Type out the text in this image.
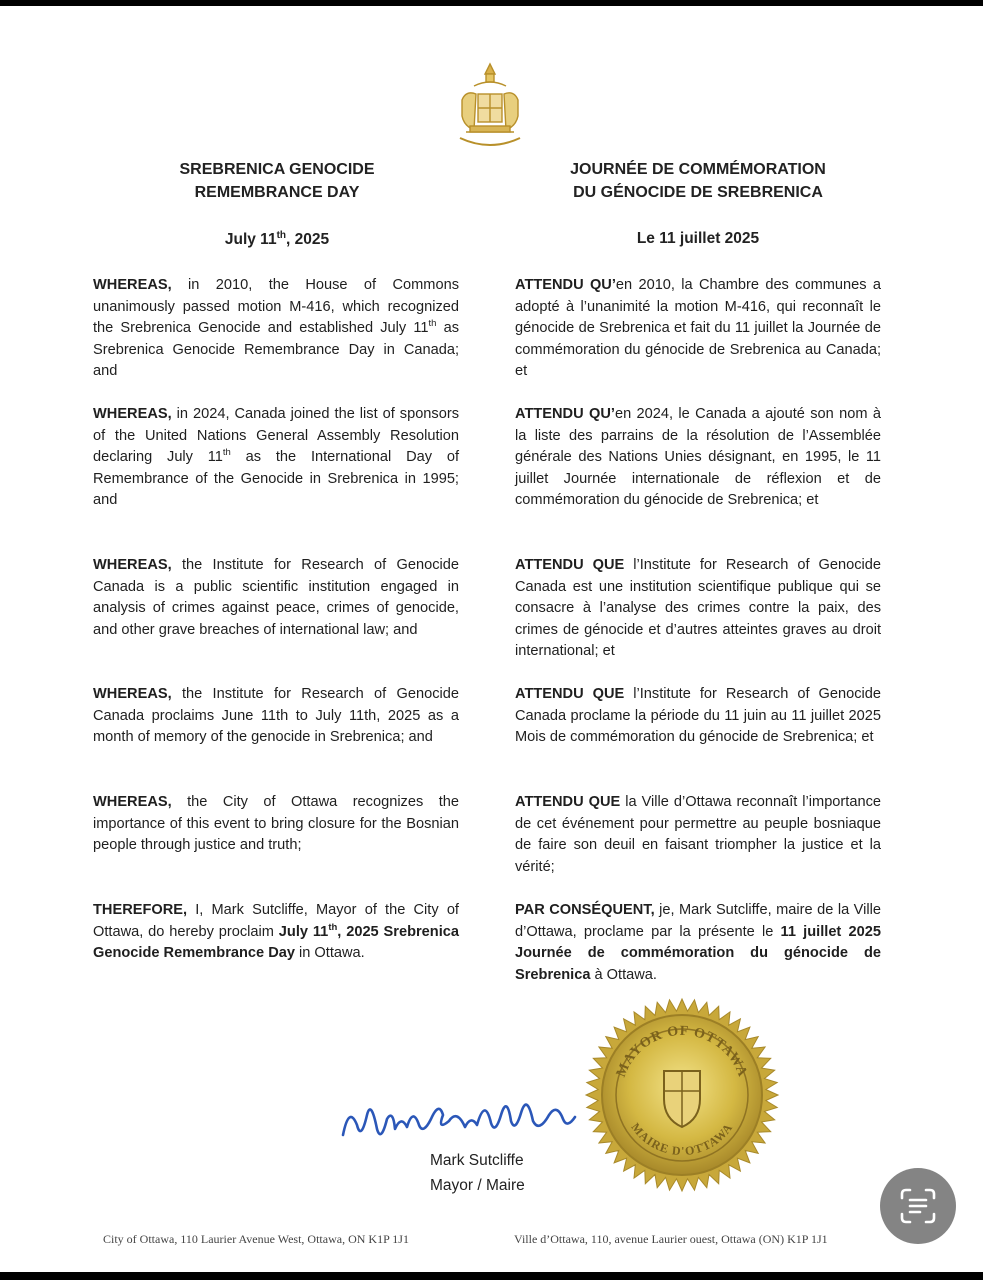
SREBRENICA GENOCIDE

REMEMBRANCE DAY

July 11th, 2025

JOURNÉE DE COMMÉMORATION

DU GÉNOCIDE DE SREBRENICA

Le 11 juillet 2025
WHEREAS, in 2010, the House of Commons unanimously passed motion M-416, which recognized the Srebrenica Genocide and established July 11th as Srebrenica Genocide Remembrance Day in Canada; and
WHEREAS, in 2024, Canada joined the list of sponsors of the United Nations General Assembly Resolution declaring July 11th as the International Day of Remembrance of the Genocide in Srebrenica in 1995; and
WHEREAS, the Institute for Research of Genocide Canada is a public scientific institution engaged in analysis of crimes against peace, crimes of genocide, and other grave breaches of international law; and
WHEREAS, the Institute for Research of Genocide Canada proclaims June 11th to July 11th, 2025 as a month of memory of the genocide in Srebrenica; and
WHEREAS, the City of Ottawa recognizes the importance of this event to bring closure for the Bosnian people through justice and truth;
THEREFORE, I, Mark Sutcliffe, Mayor of the City of Ottawa, do hereby proclaim July 11th, 2025 Srebrenica Genocide Remembrance Day in Ottawa.
ATTENDU QU’en 2010, la Chambre des communes a adopté à l’unanimité la motion M-416, qui reconnaît le génocide de Srebrenica et fait du 11 juillet la Journée de commémoration du génocide de Srebrenica au Canada; et
ATTENDU QU’en 2024, le Canada a ajouté son nom à la liste des parrains de la résolution de l’Assemblée générale des Nations Unies désignant, en 1995, le 11 juillet Journée internationale de réflexion et de commémoration du génocide de Srebrenica; et
ATTENDU QUE l’Institute for Research of Genocide Canada est une institution scientifique publique qui se consacre à l’analyse des crimes contre la paix, des crimes de génocide et d’autres atteintes graves au droit international; et
ATTENDU QUE l’Institute for Research of Genocide Canada proclame la période du 11 juin au 11 juillet 2025 Mois de commémoration du génocide de Srebrenica; et
ATTENDU QUE la Ville d’Ottawa reconnaît l’importance de cet événement pour permettre au peuple bosniaque de faire son deuil en faisant triompher la justice et la vérité;
PAR CONSÉQUENT, je, Mark Sutcliffe, maire de la Ville d’Ottawa, proclame par la présente le 11 juillet 2025 Journée de commémoration du génocide de Srebrenica à Ottawa.
Mark Sutcliffe
Mayor / Maire
MAYOR OF OTTAWA
MAIRE D'OTTAWA
City of Ottawa, 110 Laurier Avenue West, Ottawa, ON K1P 1J1	Ville d’Ottawa, 110, avenue Laurier ouest, Ottawa (ON) K1P 1J1
